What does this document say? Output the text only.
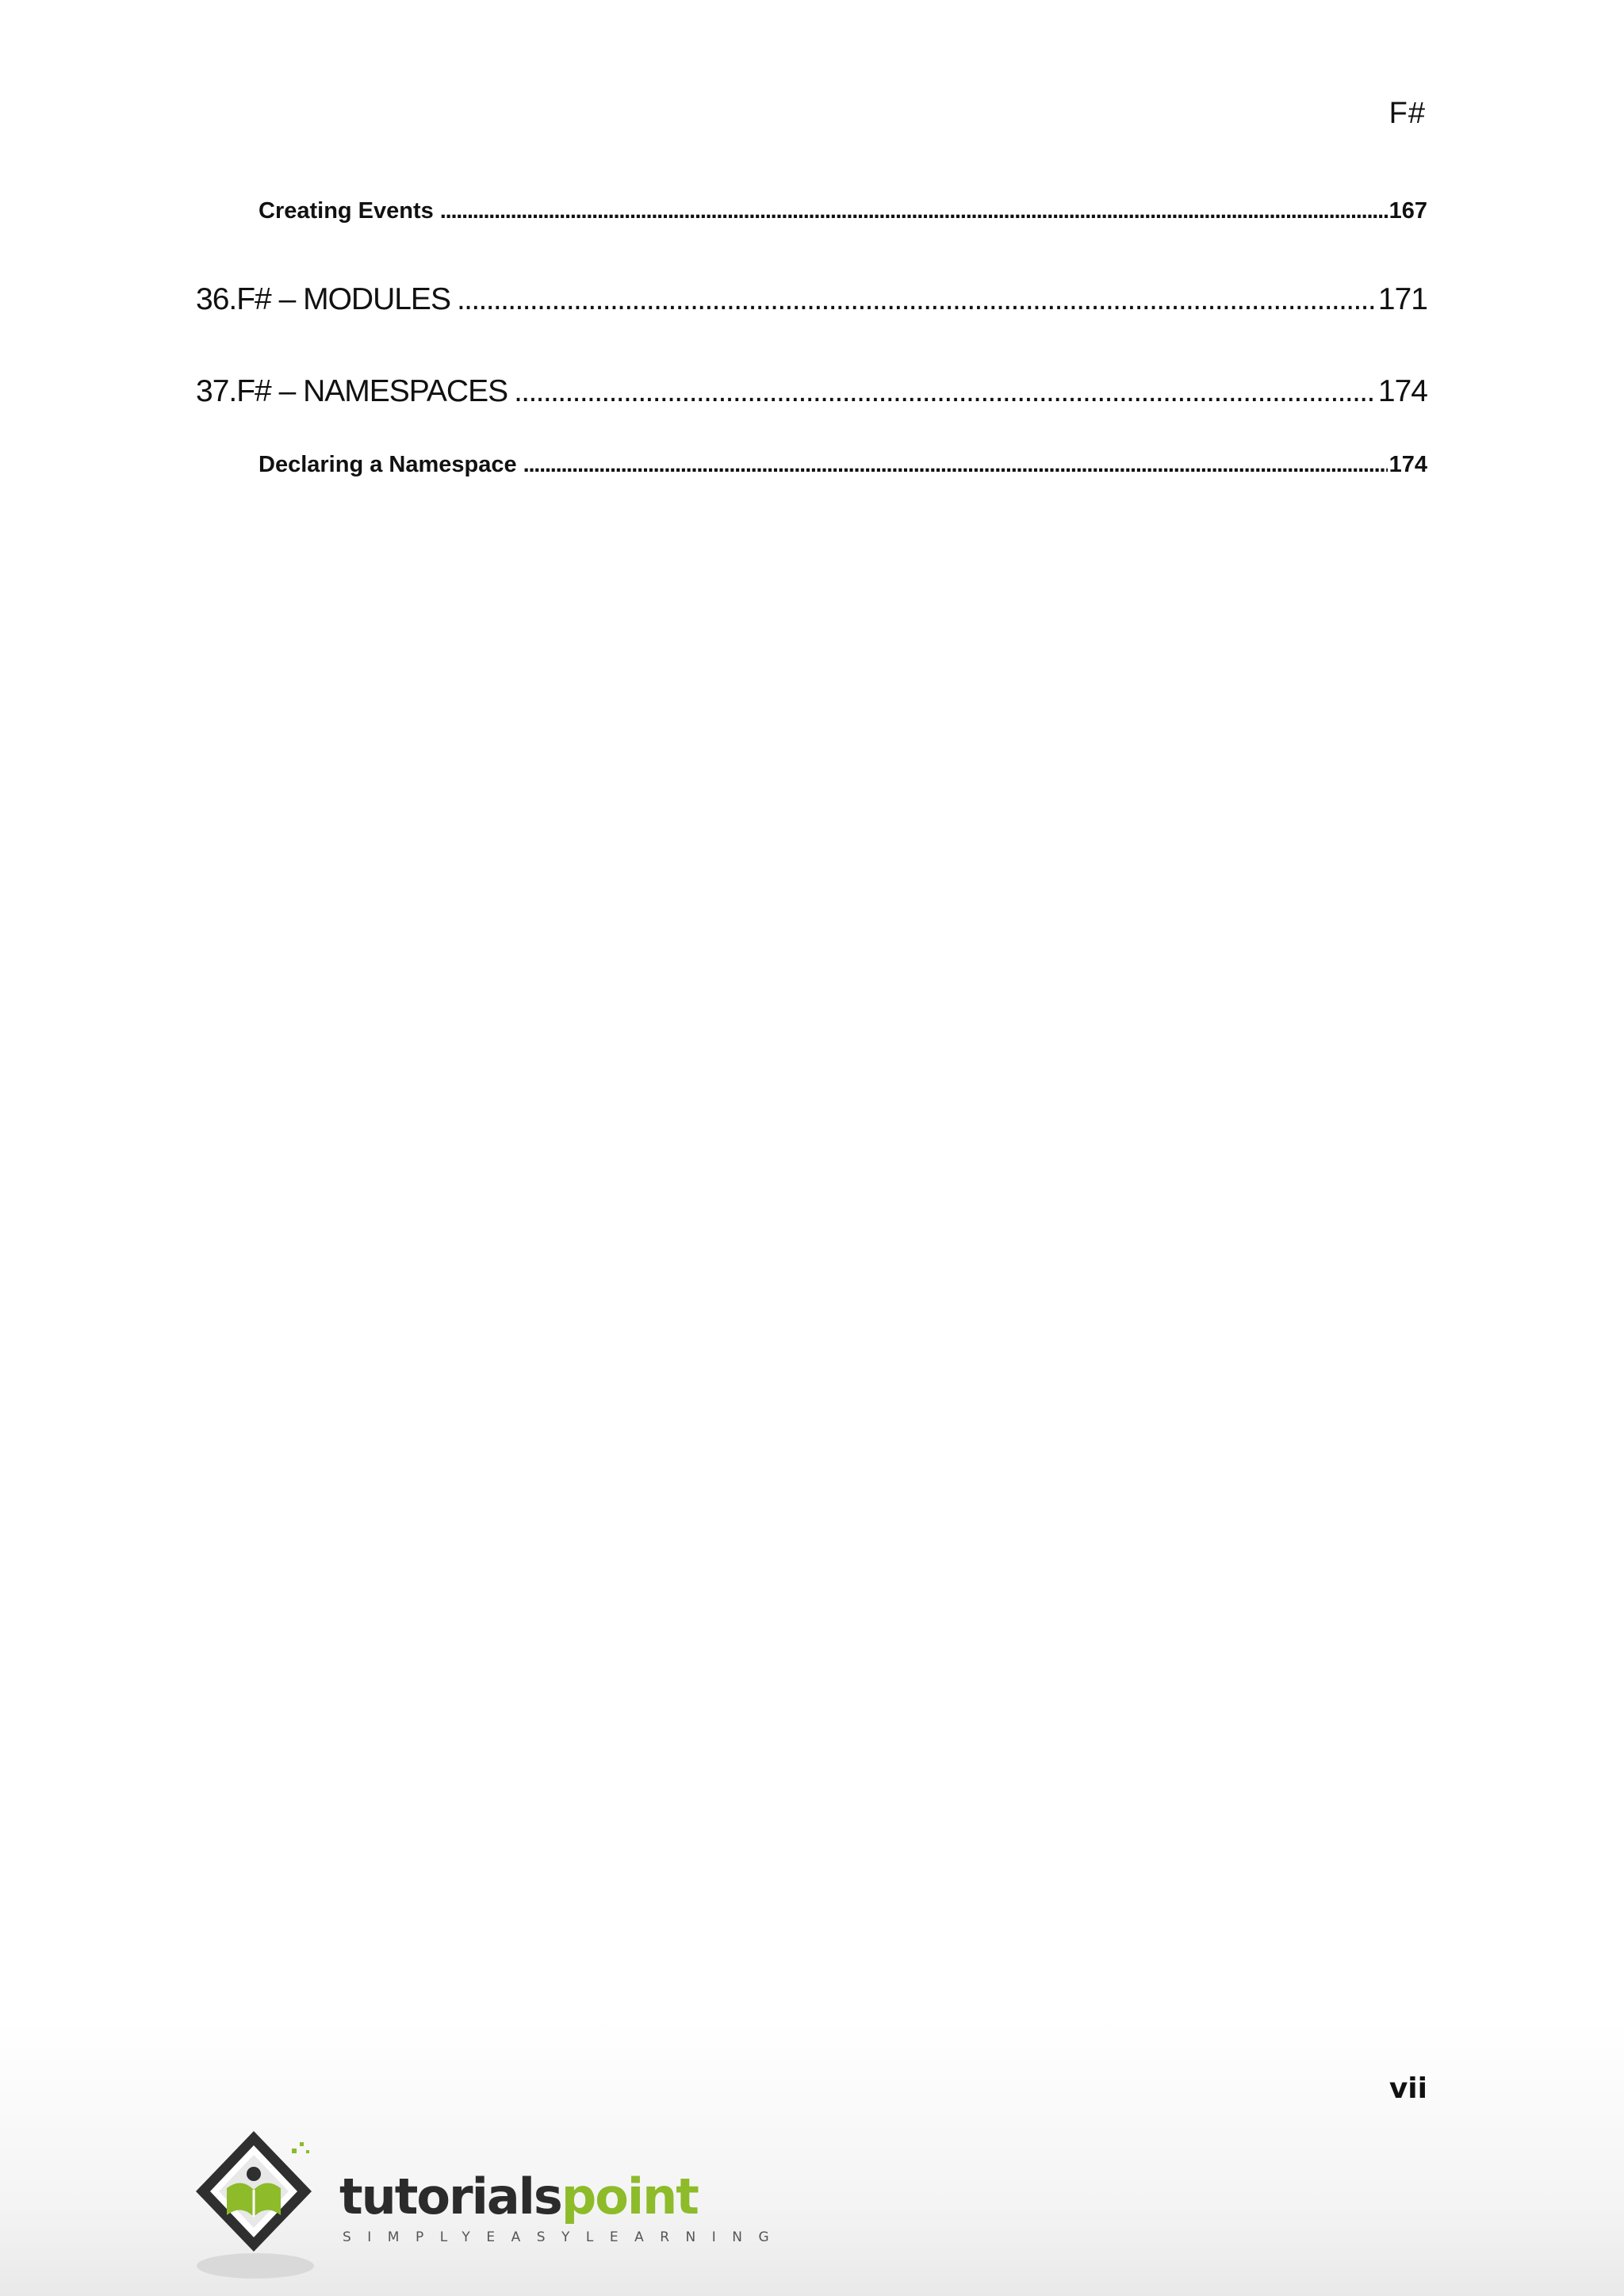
F#
Creating Events . . .	167
36. F# – MODULES . . .	171
37. F# – NAMESPACES . . .	174
Declaring a Namespace . . .	174
vii
tutorialspoint
SIMPLYEASYLEARNING
